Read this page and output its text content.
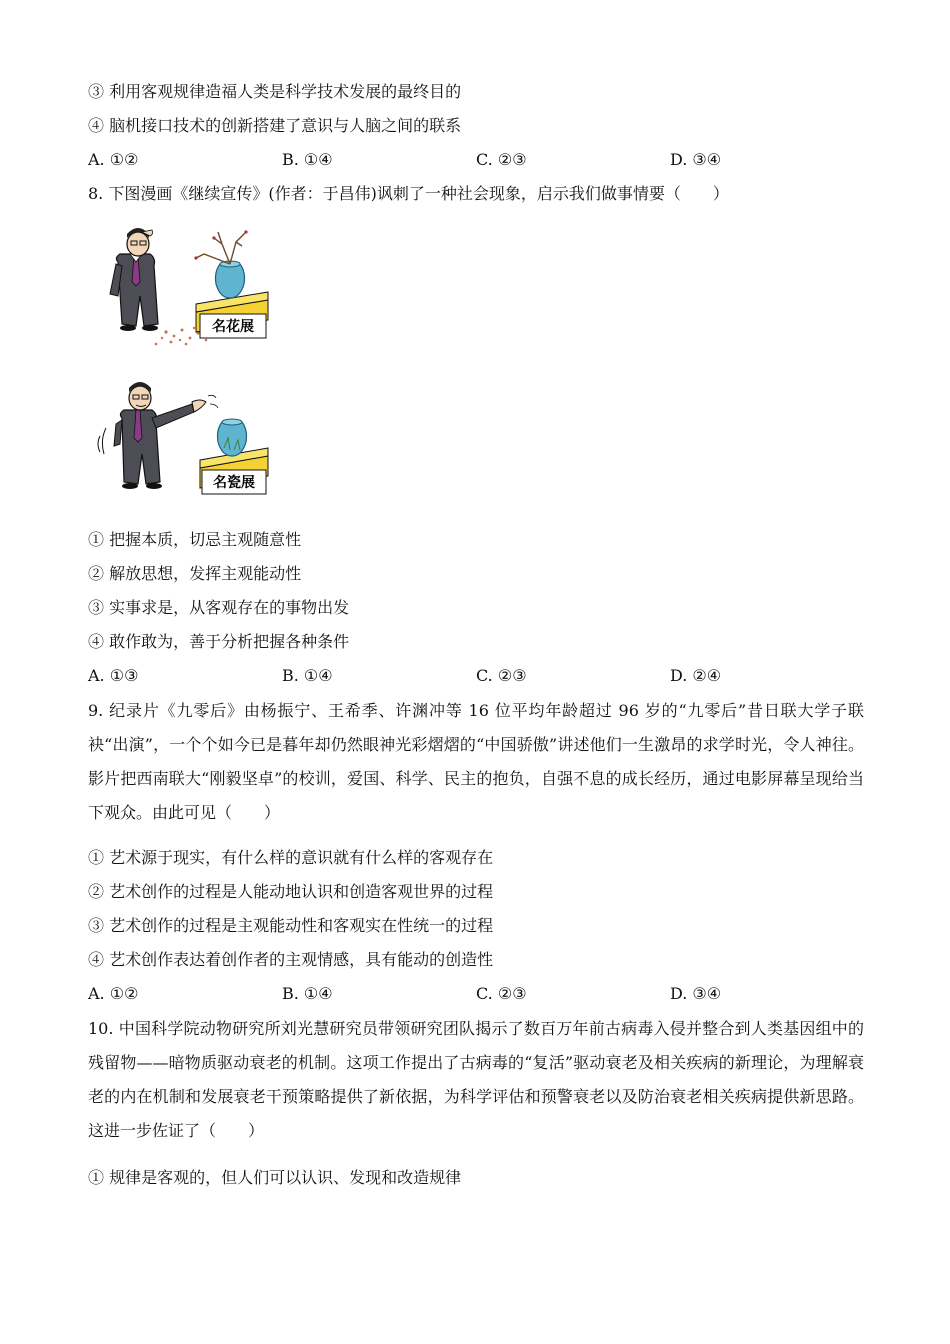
③ 利用客观规律造福人类是科学技术发展的最终目的
④ 脑机接口技术的创新搭建了意识与人脑之间的联系
A. ①②	B. ①④	C. ②③	D. ③④
8. 下图漫画《继续宣传》(作者：于昌伟)讽刺了一种社会现象，启示我们做事情要（　　）
名花展
名瓷展
① 把握本质，切忌主观随意性
② 解放思想，发挥主观能动性
③ 实事求是，从客观存在的事物出发
④ 敢作敢为，善于分析把握各种条件
A. ①③	B. ①④	C. ②③	D. ②④
9. 纪录片《九零后》由杨振宁、王希季、许渊冲等 16 位平均年龄超过 96 岁的“九零后”昔日联大学子联袂“出演”，一个个如今已是暮年却仍然眼神光彩熠熠的“中国骄傲”讲述他们一生激昂的求学时光，令人神往。影片把西南联大“刚毅坚卓”的校训，爱国、科学、民主的抱负，自强不息的成长经历，通过电影屏幕呈现给当下观众。由此可见（　　）
① 艺术源于现实，有什么样的意识就有什么样的客观存在
② 艺术创作的过程是人能动地认识和创造客观世界的过程
③ 艺术创作的过程是主观能动性和客观实在性统一的过程
④ 艺术创作表达着创作者的主观情感，具有能动的创造性
A. ①②	B. ①④	C. ②③	D. ③④
10. 中国科学院动物研究所刘光慧研究员带领研究团队揭示了数百万年前古病毒入侵并整合到人类基因组中的残留物——暗物质驱动衰老的机制。这项工作提出了古病毒的“复活”驱动衰老及相关疾病的新理论，为理解衰老的内在机制和发展衰老干预策略提供了新依据，为科学评估和预警衰老以及防治衰老相关疾病提供新思路。这进一步佐证了（　　）
① 规律是客观的，但人们可以认识、发现和改造规律
